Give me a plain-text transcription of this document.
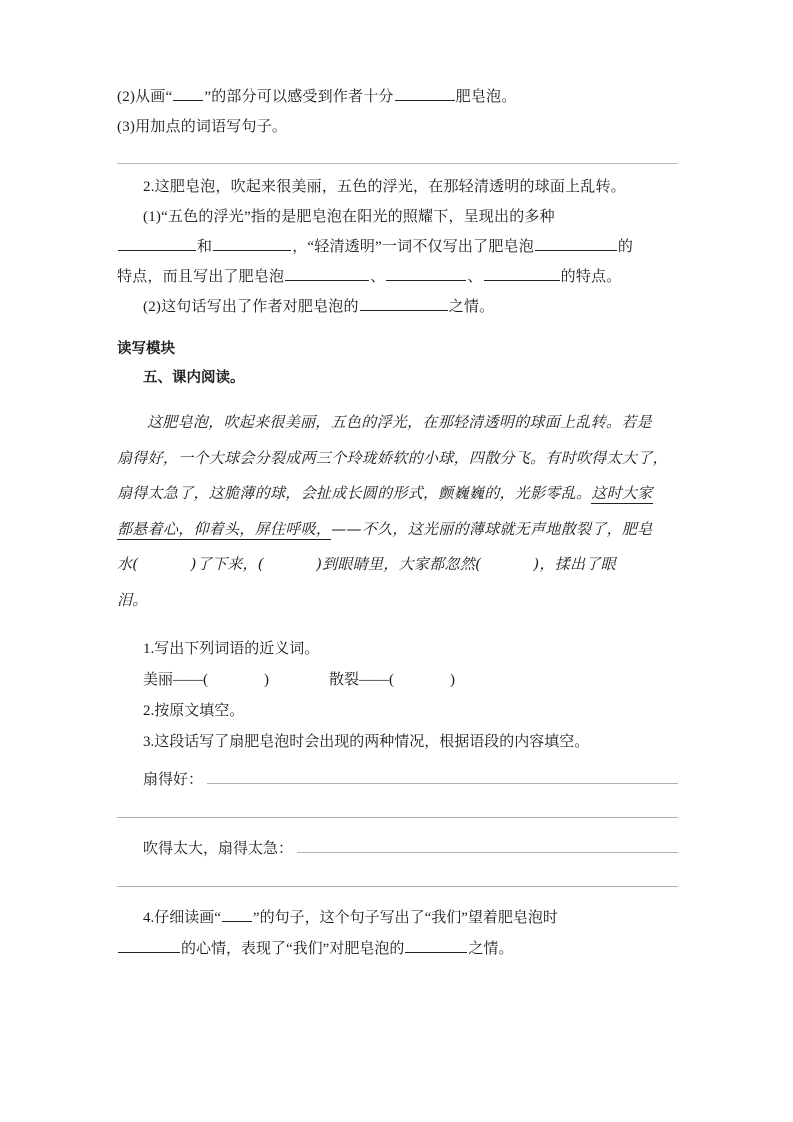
(2)从画“ ”的部分可以感受到作者十分	肥皂泡。
(3)用加点的词语写句子。
2.这肥皂泡，吹起来很美丽，五色的浮光，在那轻清透明的球面上乱转。
(1)“五色的浮光”指的是肥皂泡在阳光的照耀下，呈现出的多种
和	，“轻清透明”一词不仅写出了肥皂泡	的
特点，而且写出了肥皂泡	、	、	的特点。
(2)这句话写出了作者对肥皂泡的	之情。
读写模块
五、课内阅读。
这肥皂泡，吹起来很美丽，五色的浮光，在那轻清透明的球面上乱转。若是
扇得好，一个大球会分裂成两三个玲珑娇软的小球，四散分飞。有时吹得太大了，
扇得太急了，这脆薄的球，会扯成长圆的形式，颤巍巍的，光影零乱。这时大家
都悬着心，仰着头，屏住呼吸，——不久，这光丽的薄球就无声地散裂了，肥皂
水(	)了下来，(	)到眼睛里，大家都忽然(	)，揉出了眼
泪。
1.写出下列词语的近义词。
美丽——(	)	散裂——(	)
2.按原文填空。
3.这段话写了扇肥皂泡时会出现的两种情况，根据语段的内容填空。
扇得好：
吹得太大，扇得太急：
4.仔细读画“ ”的句子，这个句子写出了“我们”望着肥皂泡时
的心情，表现了“我们”对肥皂泡的	之情。
